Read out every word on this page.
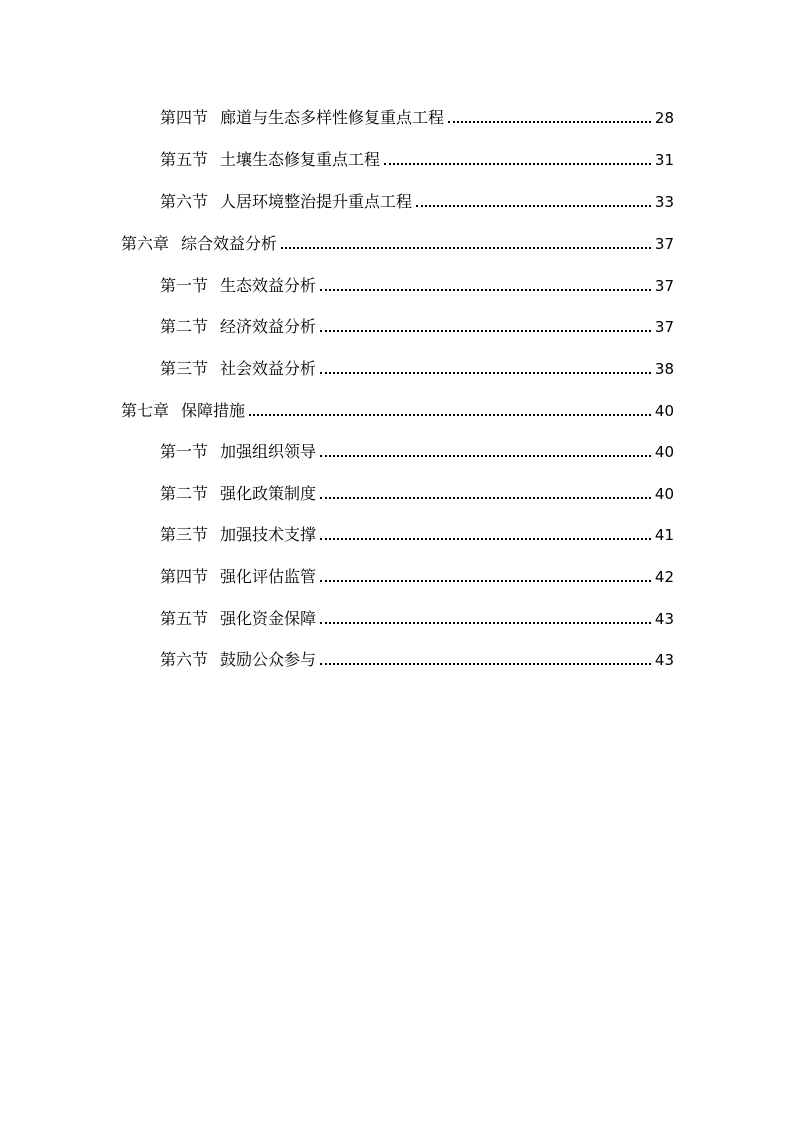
第四节 廊道与生态多样性修复重点工程	28
第五节 土壤生态修复重点工程	31
第六节 人居环境整治提升重点工程	33
第六章 综合效益分析	37
第一节 生态效益分析	37
第二节 经济效益分析	37
第三节 社会效益分析	38
第七章 保障措施	40
第一节 加强组织领导	40
第二节 强化政策制度	40
第三节 加强技术支撑	41
第四节 强化评估监管	42
第五节 强化资金保障	43
第六节 鼓励公众参与	43
